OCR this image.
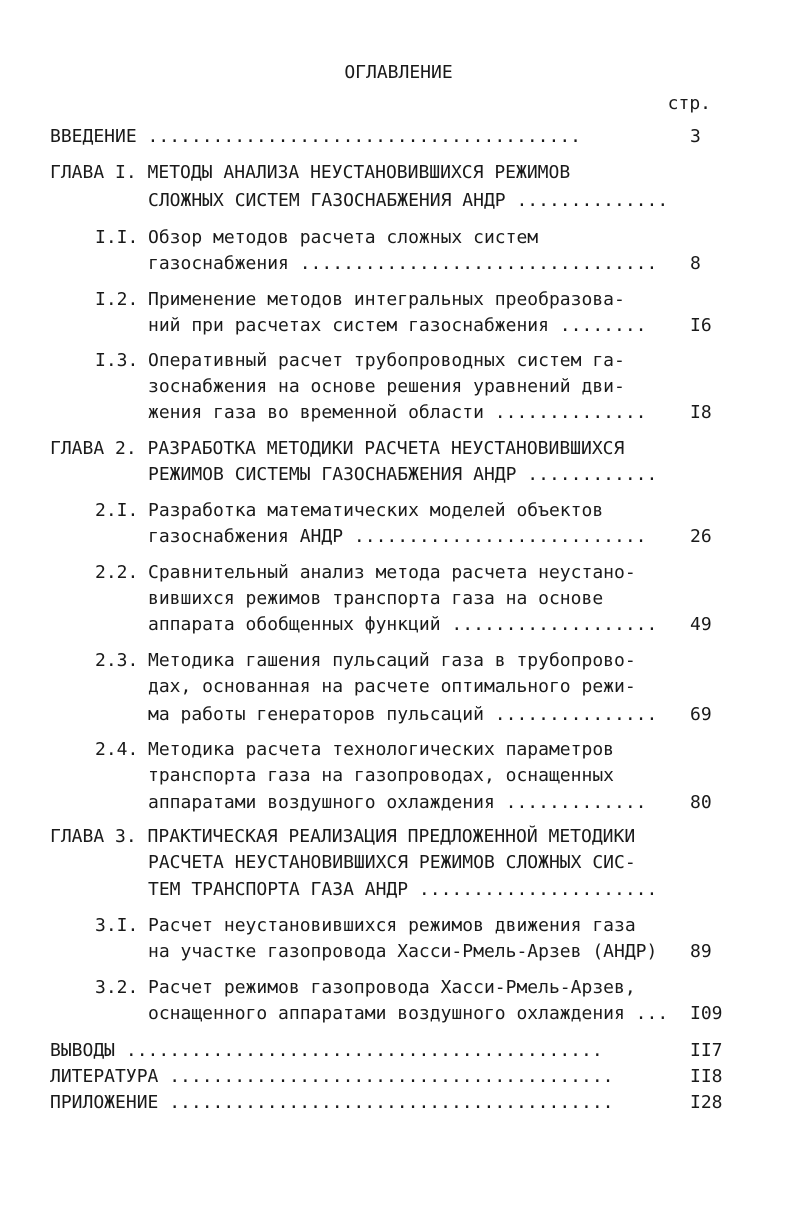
ОГЛАВЛЕНИЕ
стр.
ВВЕДЕНИЕ ........................................	3
ГЛАВА I. МЕТОДЫ АНАЛИЗА НЕУСТАНОВИВШИХСЯ РЕЖИМОВ
СЛОЖНЫХ СИСТЕМ ГАЗОСНАБЖЕНИЯ АНДР ..............
I.I. Обзор методов расчета сложных систем
газоснабжения ................................. 8
I.2. Применение методов интегральных преобразова-
ний при расчетах систем газоснабжения ........ I6
I.3. Оперативный расчет трубопроводных систем га-
зоснабжения на основе решения уравнений дви-
жения газа во временной области .............. I8
ГЛАВА 2. РАЗРАБОТКА МЕТОДИКИ РАСЧЕТА НЕУСТАНОВИВШИХСЯ
РЕЖИМОВ СИСТЕМЫ ГАЗОСНАБЖЕНИЯ АНДР ............
2.I. Разработка математических моделей объектов
газоснабжения АНДР ........................... 26
2.2. Сравнительный анализ метода расчета неустано-
вившихся режимов транспорта газа на основе
аппарата обобщенных функций ................... 49
2.3. Методика гашения пульсаций газа в трубопрово-
дах, основанная на расчете оптимального режи-
ма работы генераторов пульсаций ............... 69
2.4. Методика расчета технологических параметров
транспорта газа на газопроводах, оснащенных
аппаратами воздушного охлаждения ............. 80
ГЛАВА 3. ПРАКТИЧЕСКАЯ РЕАЛИЗАЦИЯ ПРЕДЛОЖЕННОЙ МЕТОДИКИ
РАСЧЕТА НЕУСТАНОВИВШИХСЯ РЕЖИМОВ СЛОЖНЫХ СИС-
ТЕМ ТРАНСПОРТА ГАЗА АНДР ......................
3.I. Расчет неустановившихся режимов движения газа
на участке газопровода Хасси-Рмель-Арзев (АНДР) 89
3.2. Расчет режимов газопровода Хасси-Рмель-Арзев,
оснащенного аппаратами воздушного охлаждения ... I09
ВЫВОДЫ ............................................	II7
ЛИТЕРАТУРА .........................................	II8
ПРИЛОЖЕНИЕ .........................................	I28
